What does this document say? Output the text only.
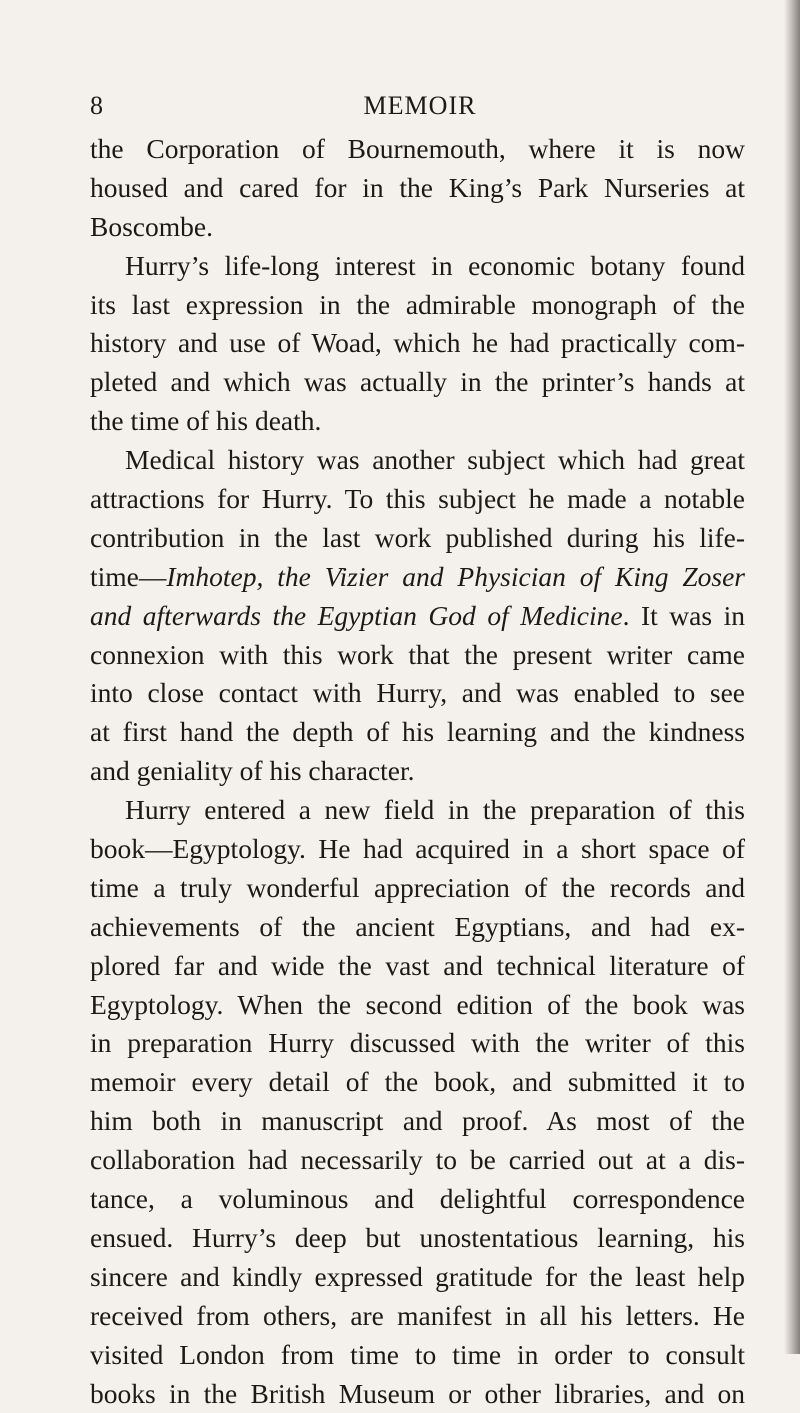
8	MEMOIR
the Corporation of Bournemouth, where it is now
housed and cared for in the King’s Park Nurseries at
Boscombe.
Hurry’s life-long interest in economic botany found
its last expression in the admirable monograph of the
history and use of Woad, which he had practically com-
pleted and which was actually in the printer’s hands at
the time of his death.
Medical history was another subject which had great
attractions for Hurry. To this subject he made a notable
contribution in the last work published during his life-
time—Imhotep, the Vizier and Physician of King Zoser
and afterwards the Egyptian God of Medicine. It was in
connexion with this work that the present writer came
into close contact with Hurry, and was enabled to see
at first hand the depth of his learning and the kindness
and geniality of his character.
Hurry entered a new field in the preparation of this
book—Egyptology. He had acquired in a short space of
time a truly wonderful appreciation of the records and
achievements of the ancient Egyptians, and had ex-
plored far and wide the vast and technical literature of
Egyptology. When the second edition of the book was
in preparation Hurry discussed with the writer of this
memoir every detail of the book, and submitted it to
him both in manuscript and proof. As most of the
collaboration had necessarily to be carried out at a dis-
tance, a voluminous and delightful correspondence
ensued. Hurry’s deep but unostentatious learning, his
sincere and kindly expressed gratitude for the least help
received from others, are manifest in all his letters. He
visited London from time to time in order to consult
books in the British Museum or other libraries, and on
